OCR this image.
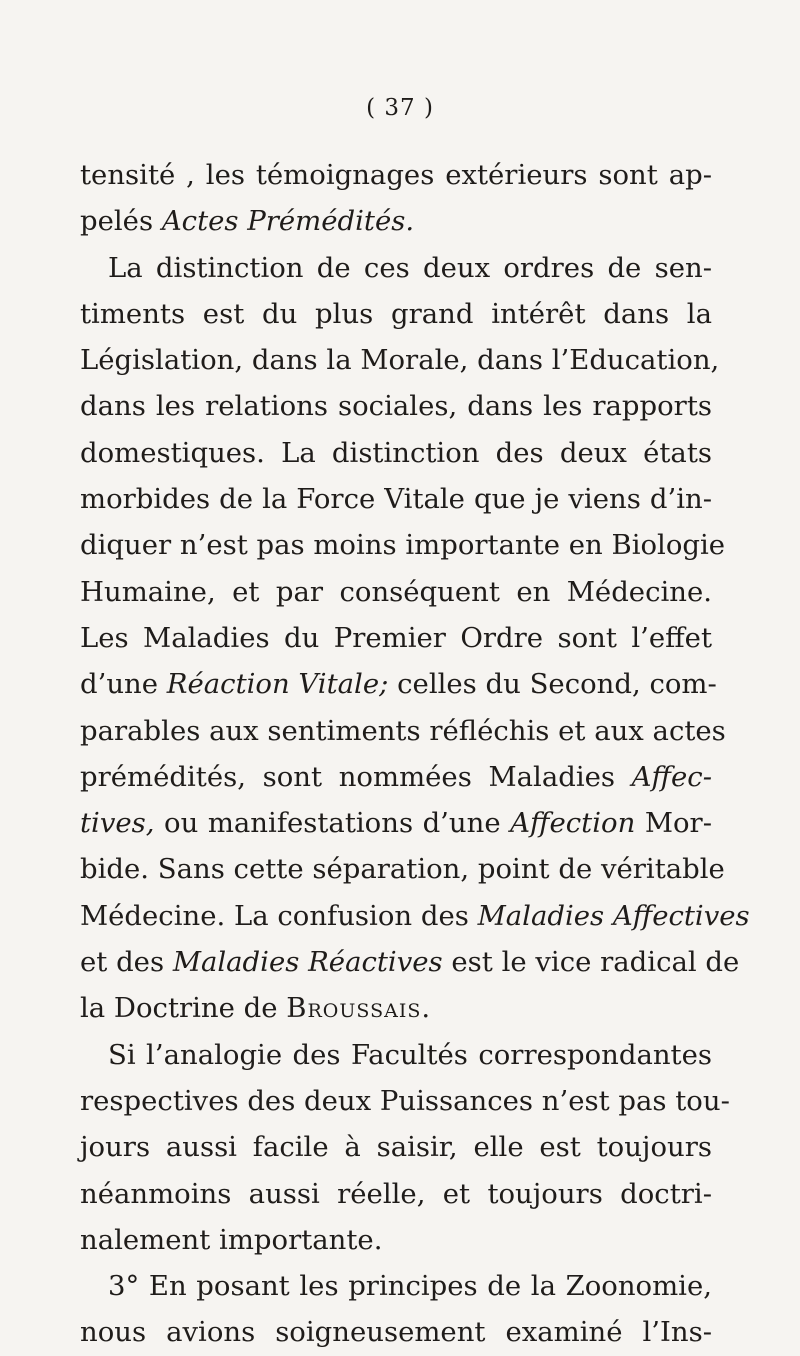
( 37 )
tensité , les témoignages extérieurs sont ap-
pelés Actes Prémédités.
La distinction de ces deux ordres de sen-
timents est du plus grand intérêt dans la
Législation, dans la Morale, dans l’Education,
dans les relations sociales, dans les rapports
domestiques. La distinction des deux états
morbides de la Force Vitale que je viens d’in-
diquer n’est pas moins importante en Biologie
Humaine, et par conséquent en Médecine.
Les Maladies du Premier Ordre sont l’effet
d’une Réaction Vitale; celles du Second, com-
parables aux sentiments réfléchis et aux actes
prémédités, sont nommées Maladies Affec-
tives, ou manifestations d’une Affection Mor-
bide. Sans cette séparation, point de véritable
Médecine. La confusion des Maladies Affectives
et des Maladies Réactives est le vice radical de
la Doctrine de Broussais.
Si l’analogie des Facultés correspondantes
respectives des deux Puissances n’est pas tou-
jours aussi facile à saisir, elle est toujours
néanmoins aussi réelle, et toujours doctri-
nalement importante.
3° En posant les principes de la Zoonomie,
nous avions soigneusement examiné l’Ins-
